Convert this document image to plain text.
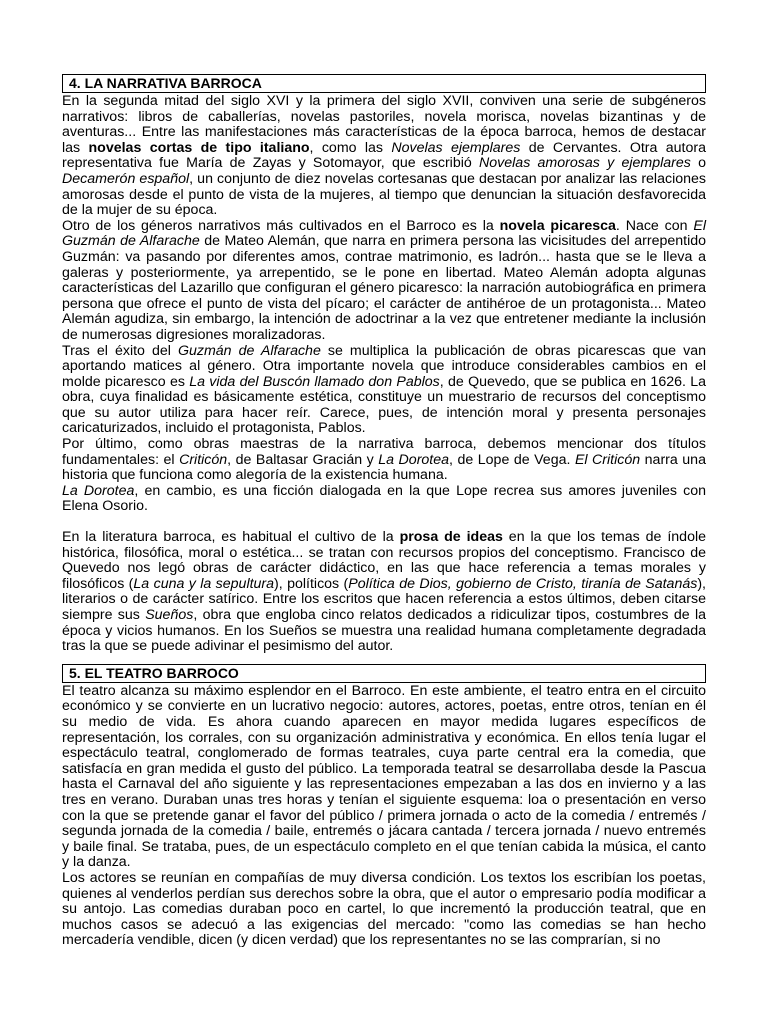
4. LA NARRATIVA BARROCA

En la segunda mitad del siglo XVI y la primera del siglo XVII, conviven una serie de subgéneros narrativos: libros de caballerías, novelas pastoriles, novela morisca, novelas bizantinas y de aventuras... Entre las manifestaciones más características de la época barroca, hemos de destacar las novelas cortas de tipo italiano, como las Novelas ejemplares de Cervantes. Otra autora representativa fue María de Zayas y Sotomayor, que escribió Novelas amorosas y ejemplares o Decamerón español, un conjunto de diez novelas cortesanas que destacan por analizar las relaciones amorosas desde el punto de vista de la mujeres, al tiempo que denuncian la situación desfavorecida de la mujer de su época.

Otro de los géneros narrativos más cultivados en el Barroco es la novela picaresca. Nace con El Guzmán de Alfarache de Mateo Alemán, que narra en primera persona las vicisitudes del arrepentido Guzmán: va pasando por diferentes amos, contrae matrimonio, es ladrón... hasta que se le lleva a galeras y posteriormente, ya arrepentido, se le pone en libertad. Mateo Alemán adopta algunas características del Lazarillo que configuran el género picaresco: la narración autobiográfica en primera persona que ofrece el punto de vista del pícaro; el carácter de antihéroe de un protagonista... Mateo Alemán agudiza, sin embargo, la intención de adoctrinar a la vez que entretener mediante la inclusión de numerosas digresiones moralizadoras.

Tras el éxito del Guzmán de Alfarache se multiplica la publicación de obras picarescas que van aportando matices al género. Otra importante novela que introduce considerables cambios en el molde picaresco es La vida del Buscón llamado don Pablos, de Quevedo, que se publica en 1626. La obra, cuya finalidad es básicamente estética, constituye un muestrario de recursos del conceptismo que su autor utiliza para hacer reír. Carece, pues, de intención moral y presenta personajes caricaturizados, incluido el protagonista, Pablos.

Por último, como obras maestras de la narrativa barroca, debemos mencionar dos títulos fundamentales: el Criticón, de Baltasar Gracián y La Dorotea, de Lope de Vega. El Criticón narra una historia que funciona como alegoría de la existencia humana.

La Dorotea, en cambio, es una ficción dialogada en la que Lope recrea sus amores juveniles con Elena Osorio.

En la literatura barroca, es habitual el cultivo de la prosa de ideas en la que los temas de índole histórica, filosófica, moral o estética... se tratan con recursos propios del conceptismo. Francisco de Quevedo nos legó obras de carácter didáctico, en las que hace referencia a temas morales y filosóficos (La cuna y la sepultura), políticos (Política de Dios, gobierno de Cristo, tiranía de Satanás), literarios o de carácter satírico. Entre los escritos que hacen referencia a estos últimos, deben citarse siempre sus Sueños, obra que engloba cinco relatos dedicados a ridiculizar tipos, costumbres de la época y vicios humanos. En los Sueños se muestra una realidad humana completamente degradada tras la que se puede adivinar el pesimismo del autor.

5. EL TEATRO BARROCO

El teatro alcanza su máximo esplendor en el Barroco. En este ambiente, el teatro entra en el circuito económico y se convierte en un lucrativo negocio: autores, actores, poetas, entre otros, tenían en él su medio de vida. Es ahora cuando aparecen en mayor medida lugares específicos de representación, los corrales, con su organización administrativa y económica. En ellos tenía lugar el espectáculo teatral, conglomerado de formas teatrales, cuya parte central era la comedia, que satisfacía en gran medida el gusto del público. La temporada teatral se desarrollaba desde la Pascua hasta el Carnaval del año siguiente y las representaciones empezaban a las dos en invierno y a las tres en verano. Duraban unas tres horas y tenían el siguiente esquema: loa o presentación en verso con la que se pretende ganar el favor del público / primera jornada o acto de la comedia / entremés / segunda jornada de la comedia / baile, entremés o jácara cantada / tercera jornada / nuevo entremés y baile final. Se trataba, pues, de un espectáculo completo en el que tenían cabida la música, el canto y la danza.

Los actores se reunían en compañías de muy diversa condición. Los textos los escribían los poetas, quienes al venderlos perdían sus derechos sobre la obra, que el autor o empresario podía modificar a su antojo. Las comedias duraban poco en cartel, lo que incrementó la producción teatral, que en muchos casos se adecuó a las exigencias del mercado: "como las comedias se han hecho mercadería vendible, dicen (y dicen verdad) que los representantes no se las comprarían, si no
